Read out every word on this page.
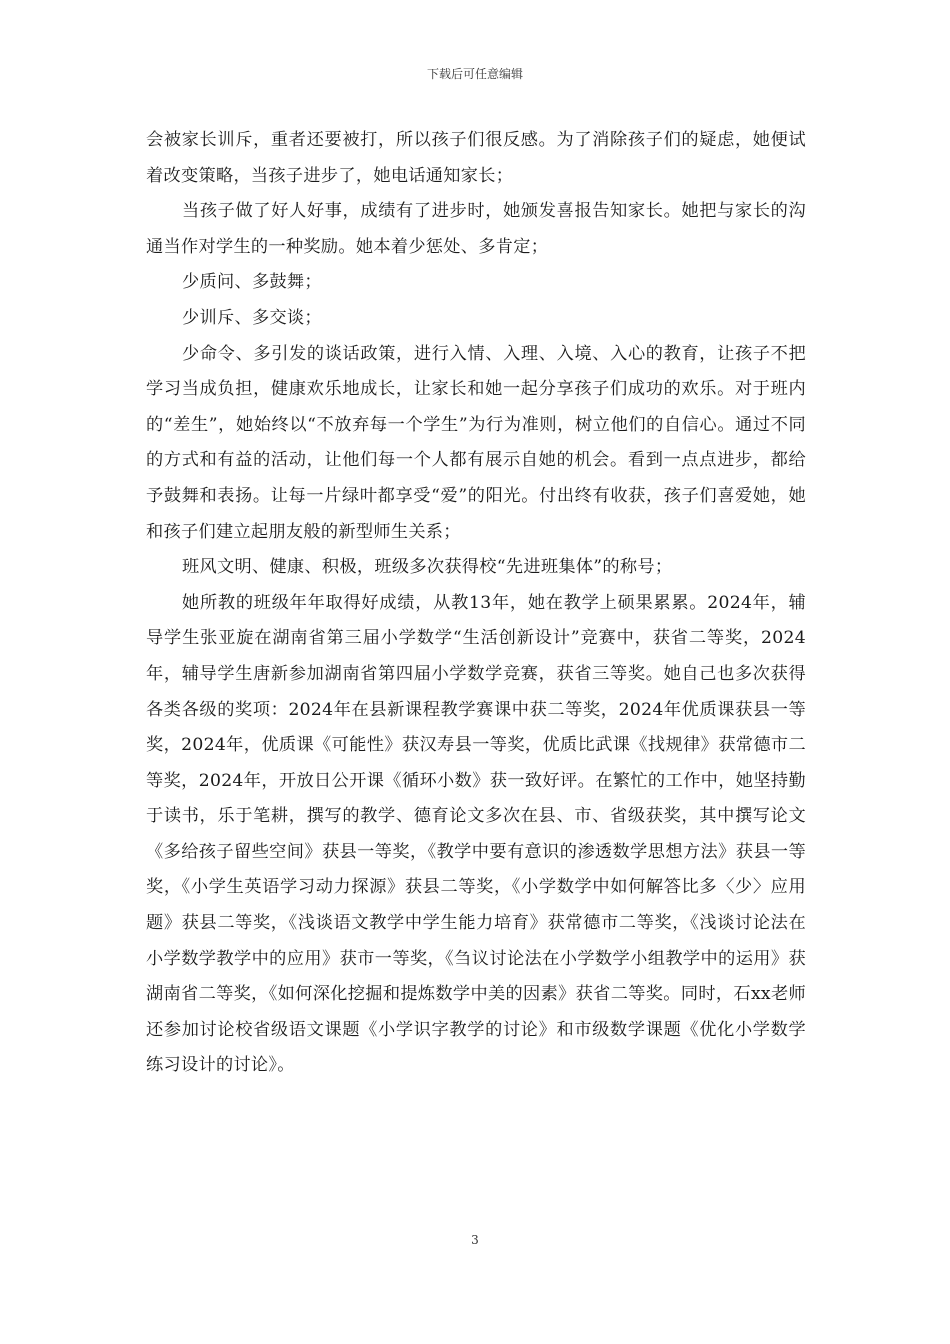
下载后可任意编辑

会被家长训斥，重者还要被打，所以孩子们很反感。为了消除孩子们的疑虑，她便试着改变策略，当孩子进步了，她电话通知家长；

当孩子做了好人好事，成绩有了进步时，她颁发喜报告知家长。她把与家长的沟通当作对学生的一种奖励。她本着少惩处、多肯定；

少质问、多鼓舞；

少训斥、多交谈；

少命令、多引发的谈话政策，进行入情、入理、入境、入心的教育，让孩子不把学习当成负担，健康欢乐地成长，让家长和她一起分享孩子们成功的欢乐。对于班内的“差生”，她始终以“不放弃每一个学生”为行为准则，树立他们的自信心。通过不同的方式和有益的活动，让他们每一个人都有展示自她的机会。看到一点点进步，都给予鼓舞和表扬。让每一片绿叶都享受“爱”的阳光。付出终有收获，孩子们喜爱她，她和孩子们建立起朋友般的新型师生关系；

班风文明、健康、积极，班级多次获得校“先进班集体”的称号；

她所教的班级年年取得好成绩，从教13年，她在教学上硕果累累。2024年，辅导学生张亚旋在湖南省第三届小学数学“生活创新设计”竞赛中，获省二等奖，2024年，辅导学生唐新参加湖南省第四届小学数学竞赛，获省三等奖。她自己也多次获得各类各级的奖项：2024年在县新课程教学赛课中获二等奖，2024年优质课获县一等奖，2024年，优质课《可能性》获汉寿县一等奖，优质比武课《找规律》获常德市二等奖，2024年，开放日公开课《循环小数》获一致好评。在繁忙的工作中，她坚持勤于读书，乐于笔耕，撰写的教学、德育论文多次在县、市、省级获奖，其中撰写论文《多给孩子留些空间》获县一等奖，《教学中要有意识的渗透数学思想方法》获县一等奖，《小学生英语学习动力探源》获县二等奖，《小学数学中如何解答比多〈少〉应用题》获县二等奖，《浅谈语文教学中学生能力培育》获常德市二等奖，《浅谈讨论法在小学数学教学中的应用》获市一等奖，《刍议讨论法在小学数学小组教学中的运用》获湖南省二等奖，《如何深化挖掘和提炼数学中美的因素》获省二等奖。同时，石xx老师还参加讨论校省级语文课题《小学识字教学的讨论》和市级数学课题《优化小学数学练习设计的讨论》。

3
